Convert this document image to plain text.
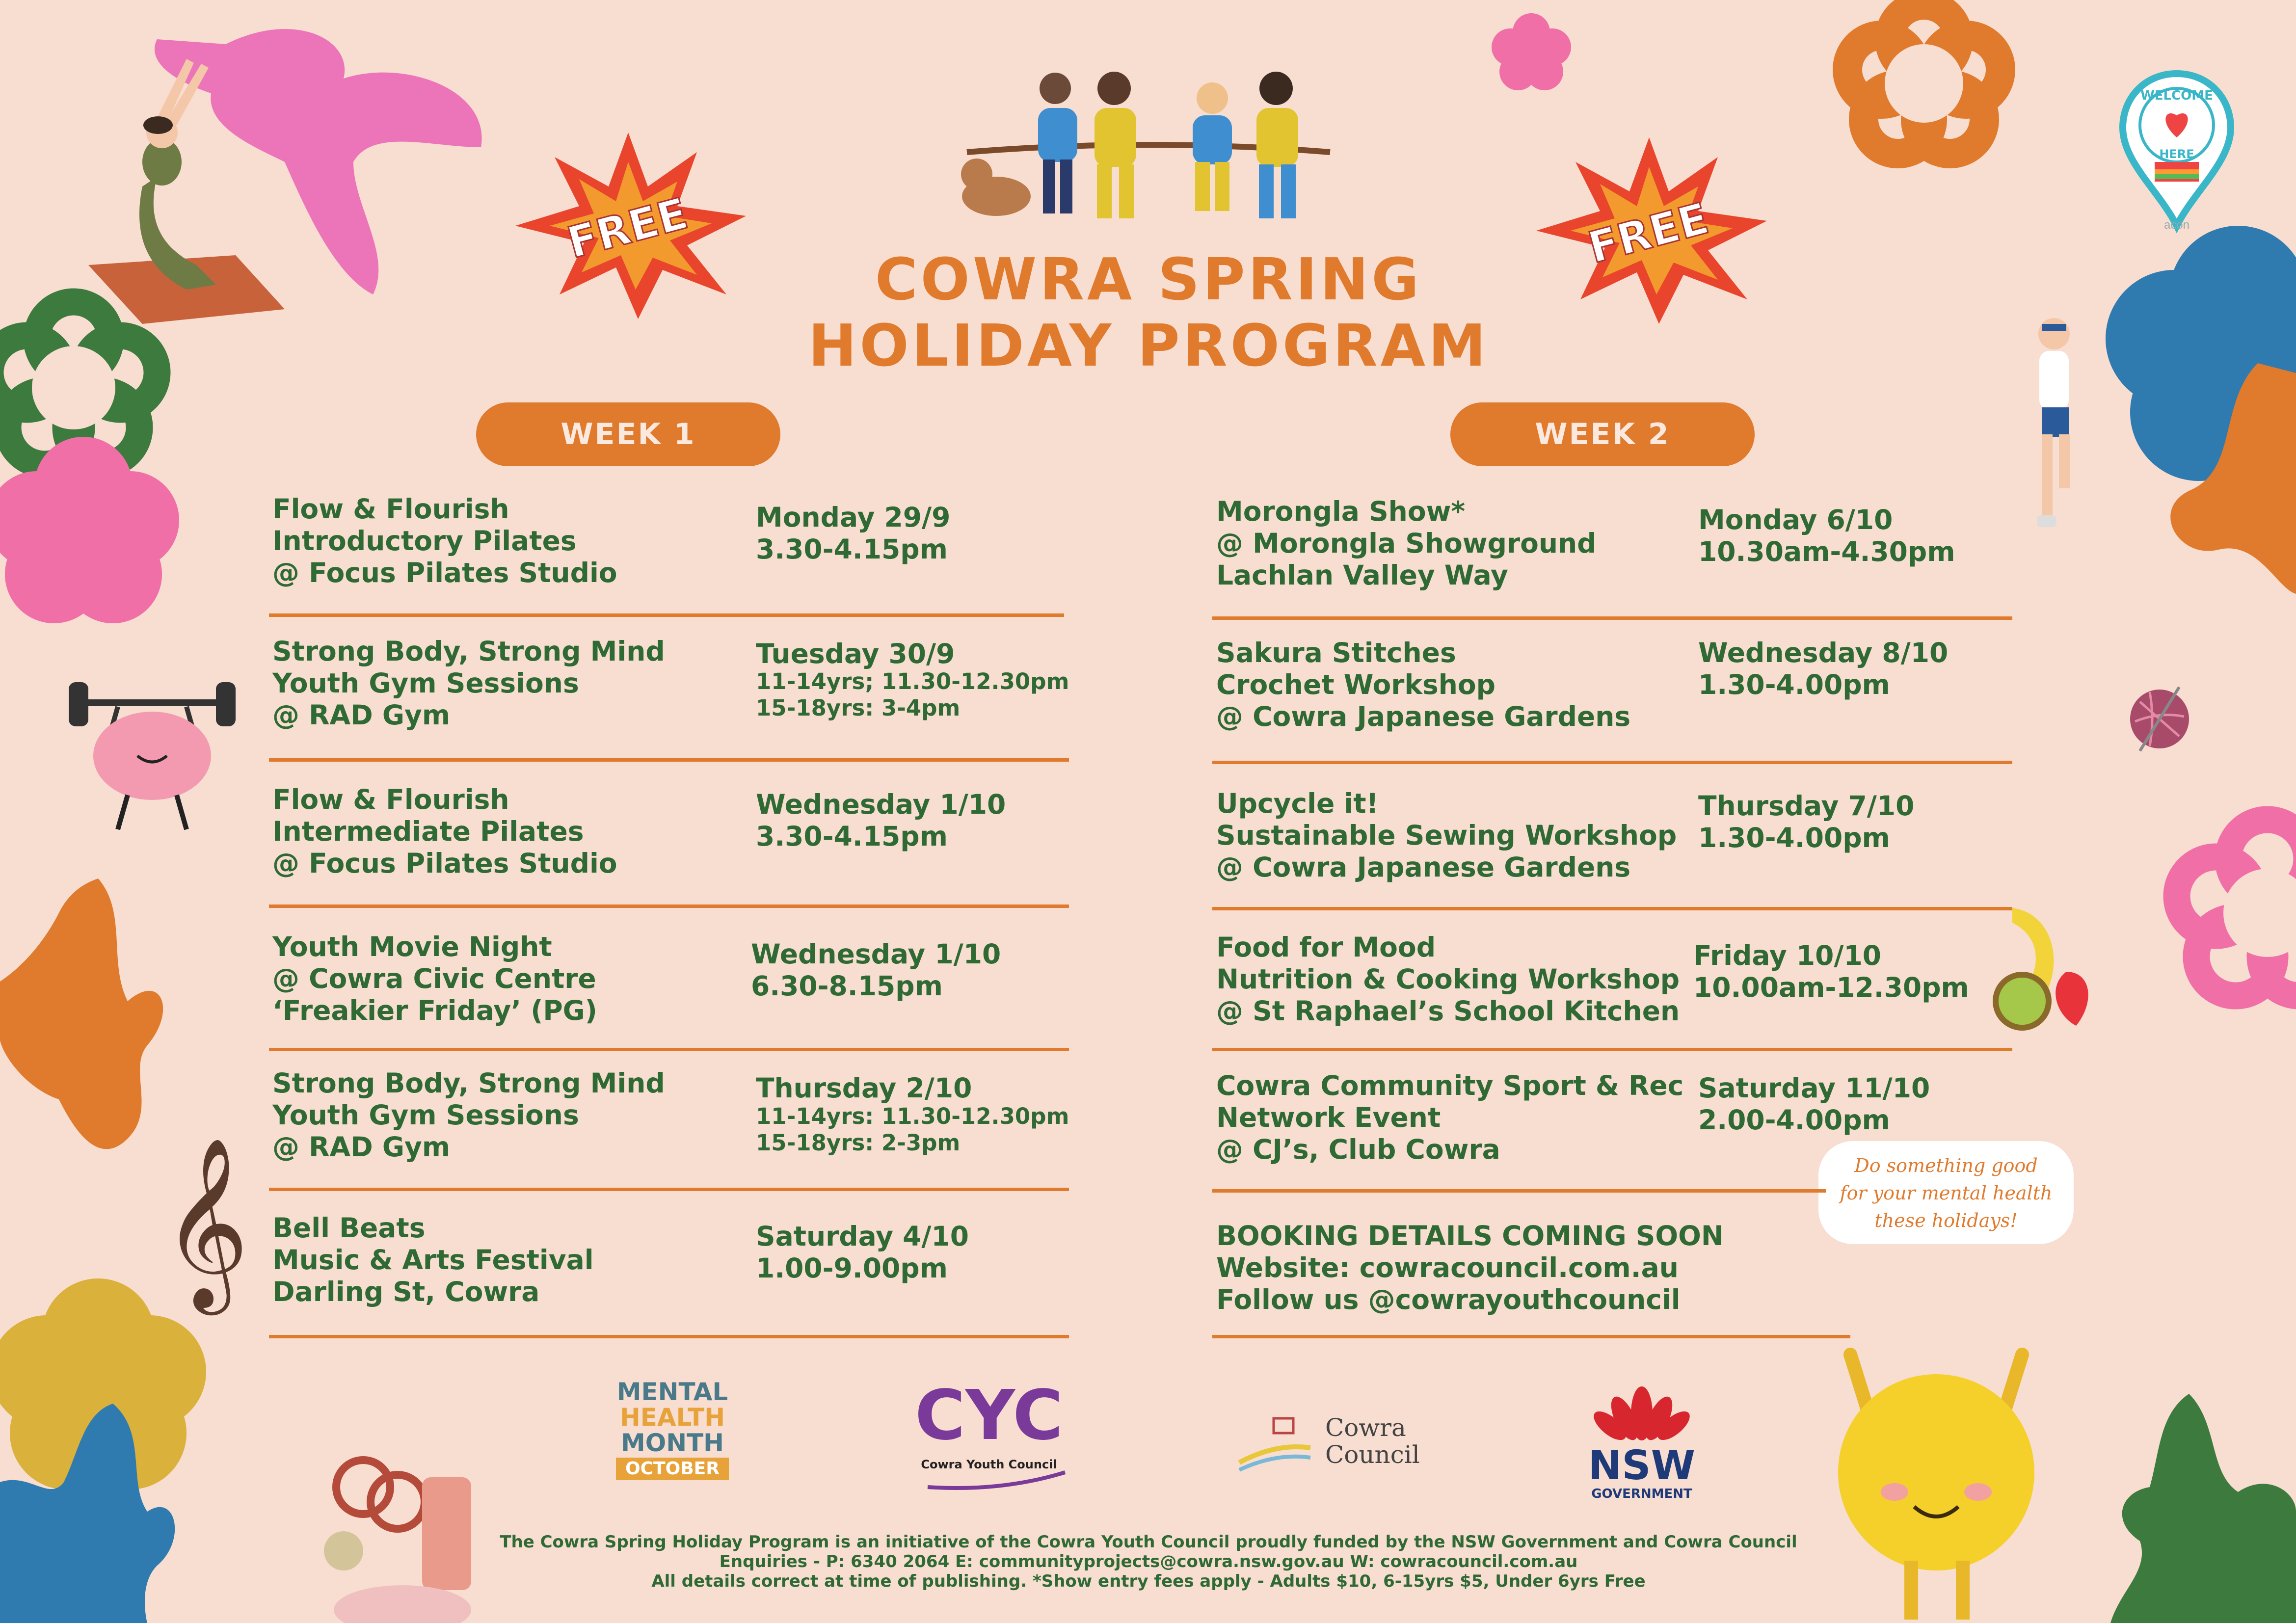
FREE	FREE
WELCOME
HERE
acon
𝄞	Do something good
for your mental health
these holidays!
COWRA SPRING
HOLIDAY PROGRAM
WEEK 1	WEEK 2
Flow & Flourish
Introductory Pilates
@ Focus Pilates Studio
Monday 29/9
3.30-4.15pm
Strong Body, Strong Mind
Youth Gym Sessions
@ RAD Gym
Tuesday 30/9
11-14yrs; 11.30-12.30pm
15-18yrs: 3-4pm
Flow & Flourish
Intermediate Pilates
@ Focus Pilates Studio
Wednesday 1/10
3.30-4.15pm
Youth Movie Night
@ Cowra Civic Centre
‘Freakier Friday’ (PG)
Wednesday 1/10
6.30-8.15pm
Strong Body, Strong Mind
Youth Gym Sessions
@ RAD Gym
Thursday 2/10
11-14yrs: 11.30-12.30pm
15-18yrs: 2-3pm
Bell Beats
Music & Arts Festival
Darling St, Cowra
Saturday 4/10
1.00-9.00pm
Morongla Show*
@ Morongla Showground
Lachlan Valley Way
Monday 6/10
10.30am-4.30pm
Sakura Stitches
Crochet Workshop
@ Cowra Japanese Gardens
Wednesday 8/10
1.30-4.00pm
Upcycle it!
Sustainable Sewing Workshop
@ Cowra Japanese Gardens
Thursday 7/10
1.30-4.00pm
Food for Mood
Nutrition & Cooking Workshop
@ St Raphael’s School Kitchen
Friday 10/10
10.00am-12.30pm
Cowra Community Sport & Rec
Network Event
@ CJ’s, Club Cowra
Saturday 11/10
2.00-4.00pm
BOOKING DETAILS COMING SOON
Website: cowracouncil.com.au
Follow us @cowrayouthcouncil
MENTAL
HEALTH
MONTH
OCTOBER
CYC
Cowra Youth Council
Cowra
Council	NSW
GOVERNMENT
The Cowra Spring Holiday Program is an initiative of the Cowra Youth Council proudly funded by the NSW Government and Cowra Council
Enquiries - P: 6340 2064 E: communityprojects@cowra.nsw.gov.au W: cowracouncil.com.au
All details correct at time of publishing. *Show entry fees apply - Adults $10, 6-15yrs $5, Under 6yrs Free
